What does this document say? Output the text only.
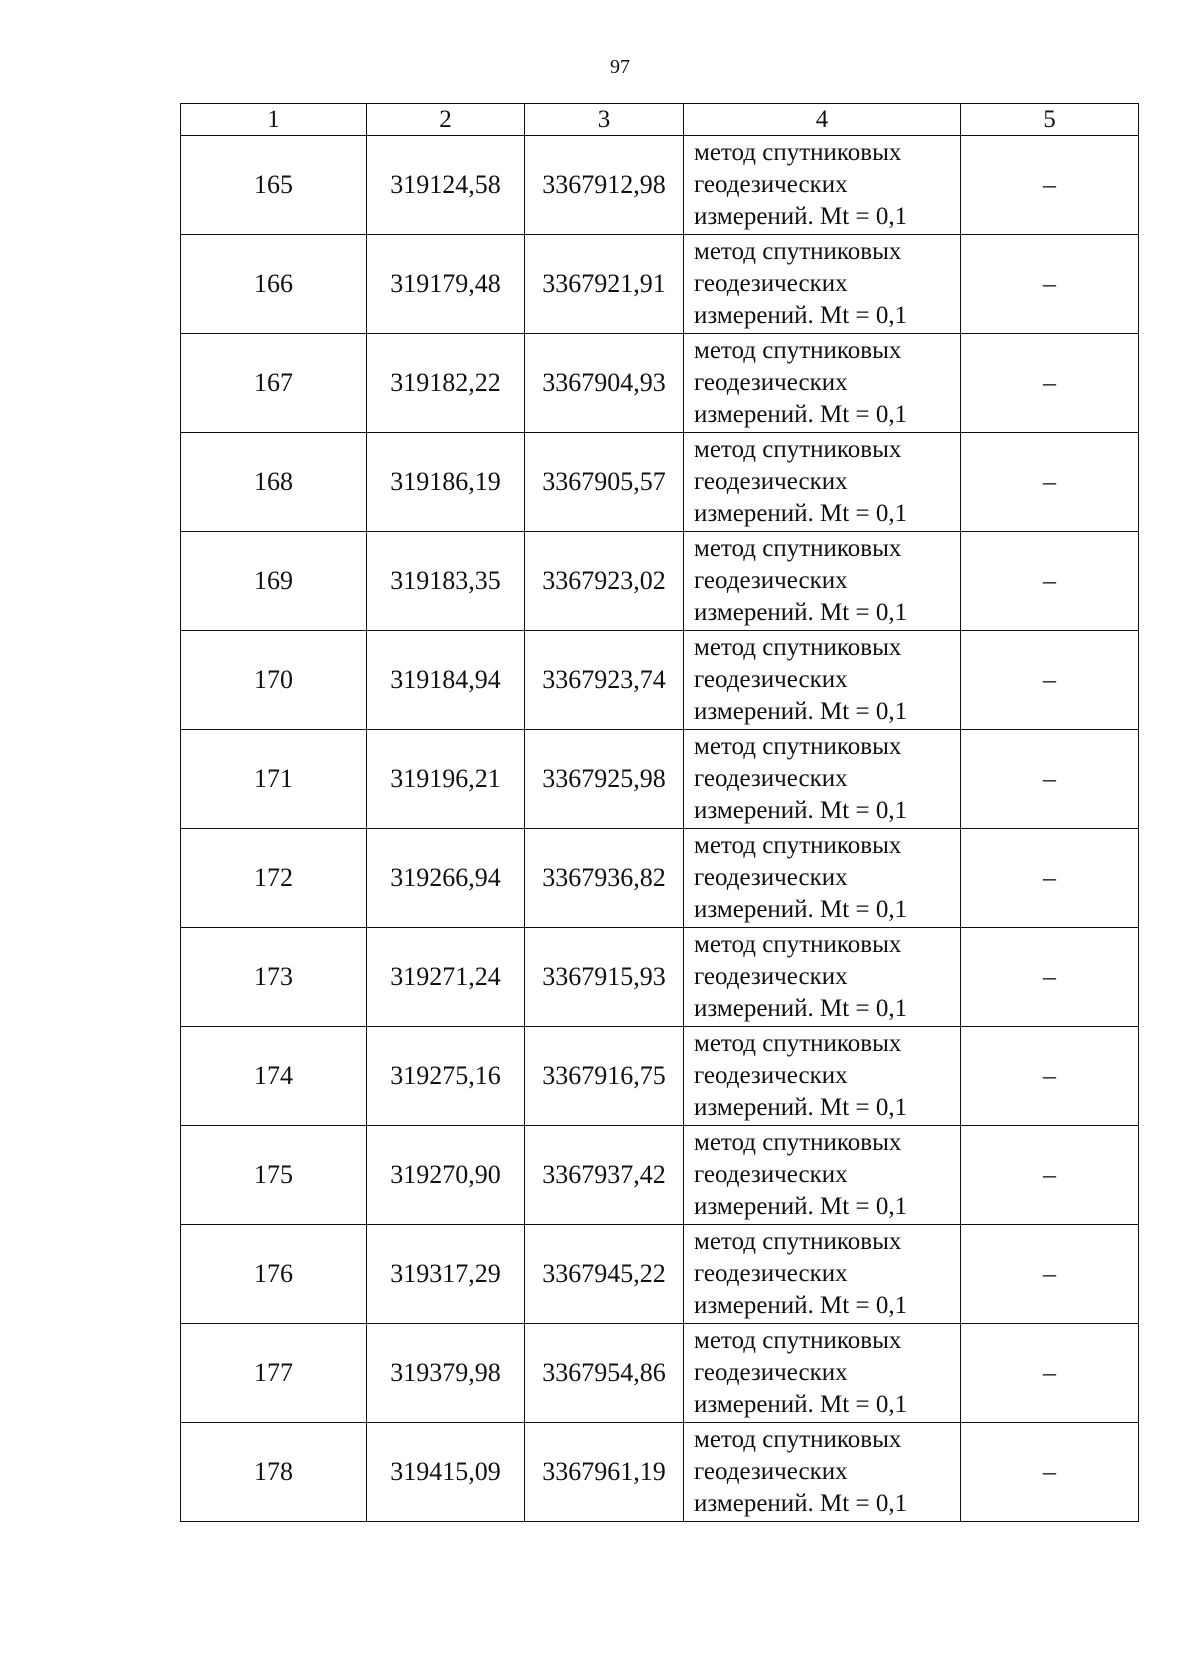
97
1	2	3	4	5
165	319124,58	3367912,98	метод спутниковых
геодезических
измерений. Mt = 0,1	–
166	319179,48	3367921,91	метод спутниковых
геодезических
измерений. Mt = 0,1	–
167	319182,22	3367904,93	метод спутниковых
геодезических
измерений. Mt = 0,1	–
168	319186,19	3367905,57	метод спутниковых
геодезических
измерений. Mt = 0,1	–
169	319183,35	3367923,02	метод спутниковых
геодезических
измерений. Mt = 0,1	–
170	319184,94	3367923,74	метод спутниковых
геодезических
измерений. Mt = 0,1	–
171	319196,21	3367925,98	метод спутниковых
геодезических
измерений. Mt = 0,1	–
172	319266,94	3367936,82	метод спутниковых
геодезических
измерений. Mt = 0,1	–
173	319271,24	3367915,93	метод спутниковых
геодезических
измерений. Mt = 0,1	–
174	319275,16	3367916,75	метод спутниковых
геодезических
измерений. Mt = 0,1	–
175	319270,90	3367937,42	метод спутниковых
геодезических
измерений. Mt = 0,1	–
176	319317,29	3367945,22	метод спутниковых
геодезических
измерений. Mt = 0,1	–
177	319379,98	3367954,86	метод спутниковых
геодезических
измерений. Mt = 0,1	–
178	319415,09	3367961,19	метод спутниковых
геодезических
измерений. Mt = 0,1	–
